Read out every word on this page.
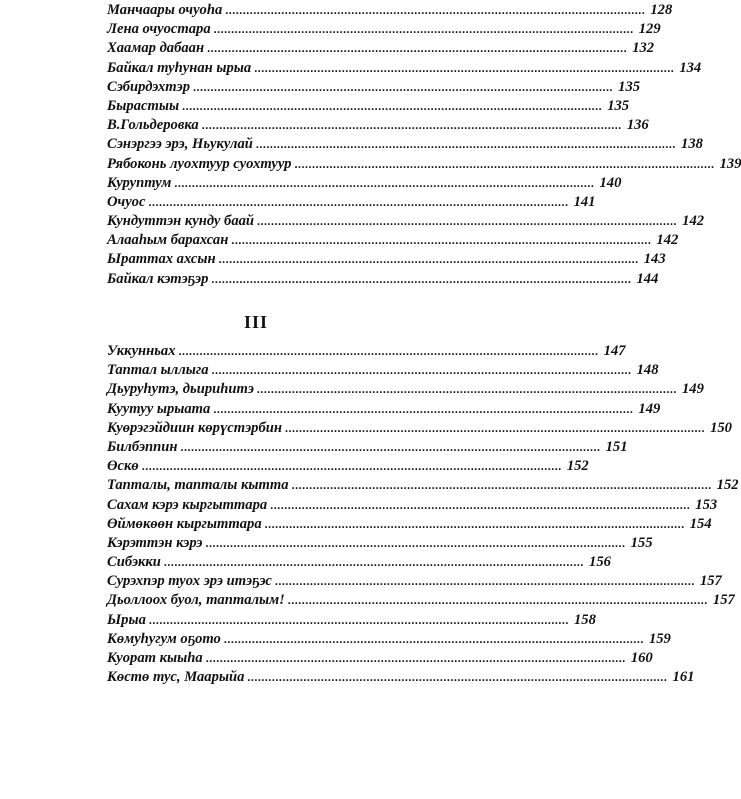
Манчаары очуоһа ........................................................................................................................ 128
Лена очуостара ........................................................................................................................ 129
Хаамар дабаан ........................................................................................................................ 132
Байкал туһунан ырыа ........................................................................................................................ 134
Сэбирдэхтэр ........................................................................................................................ 135
Быpaстыы ........................................................................................................................ 135
В.Гольдеровка ........................................................................................................................ 136
Сэнэргээ эрэ, Ньукулай ........................................................................................................................ 138
Рябоконь лyoхтуур суохтуур ........................................................................................................................ 139
Куруптум ........................................................................................................................ 140
Очуос ........................................................................................................................ 141
Кундуттэн кунду баай ........................................................................................................................ 142
Алааһым барахсан ........................................................................................................................ 142
Ыраттах ахсын ........................................................................................................................ 143
Байкал кэтэҕэр ........................................................................................................................ 144
III
Уккунньах ........................................................................................................................ 147
Таптал ыллыга ........................................................................................................................ 148
Дьуруһутэ, дьириһитэ ........................................................................................................................ 149
Куутуу ырыата ........................................................................................................................ 149
Куөрэгэйдиин көрүстэрбин ........................................................................................................................ 150
Билбэппин ........................................................................................................................ 151
Өскө ........................................................................................................................ 152
Тапталы, тапталы кытта ........................................................................................................................ 152
Сахам кэрэ кыргыттара ........................................................................................................................ 153
Өймөкөөн кыргыттара ........................................................................................................................ 154
Кэрэттэн кэрэ ........................................................................................................................ 155
Сибэкки ........................................................................................................................ 156
Сурэхпэр туох эрэ итэҕэс ........................................................................................................................ 157
Дьоллоох буол, тапталым! ........................................................................................................................ 157
Ырыа ........................................................................................................................ 158
Көмуһугум оҕото ........................................................................................................................ 159
Куорат кыыһа ........................................................................................................................ 160
Көстө тус, Маарыйа ........................................................................................................................ 161
